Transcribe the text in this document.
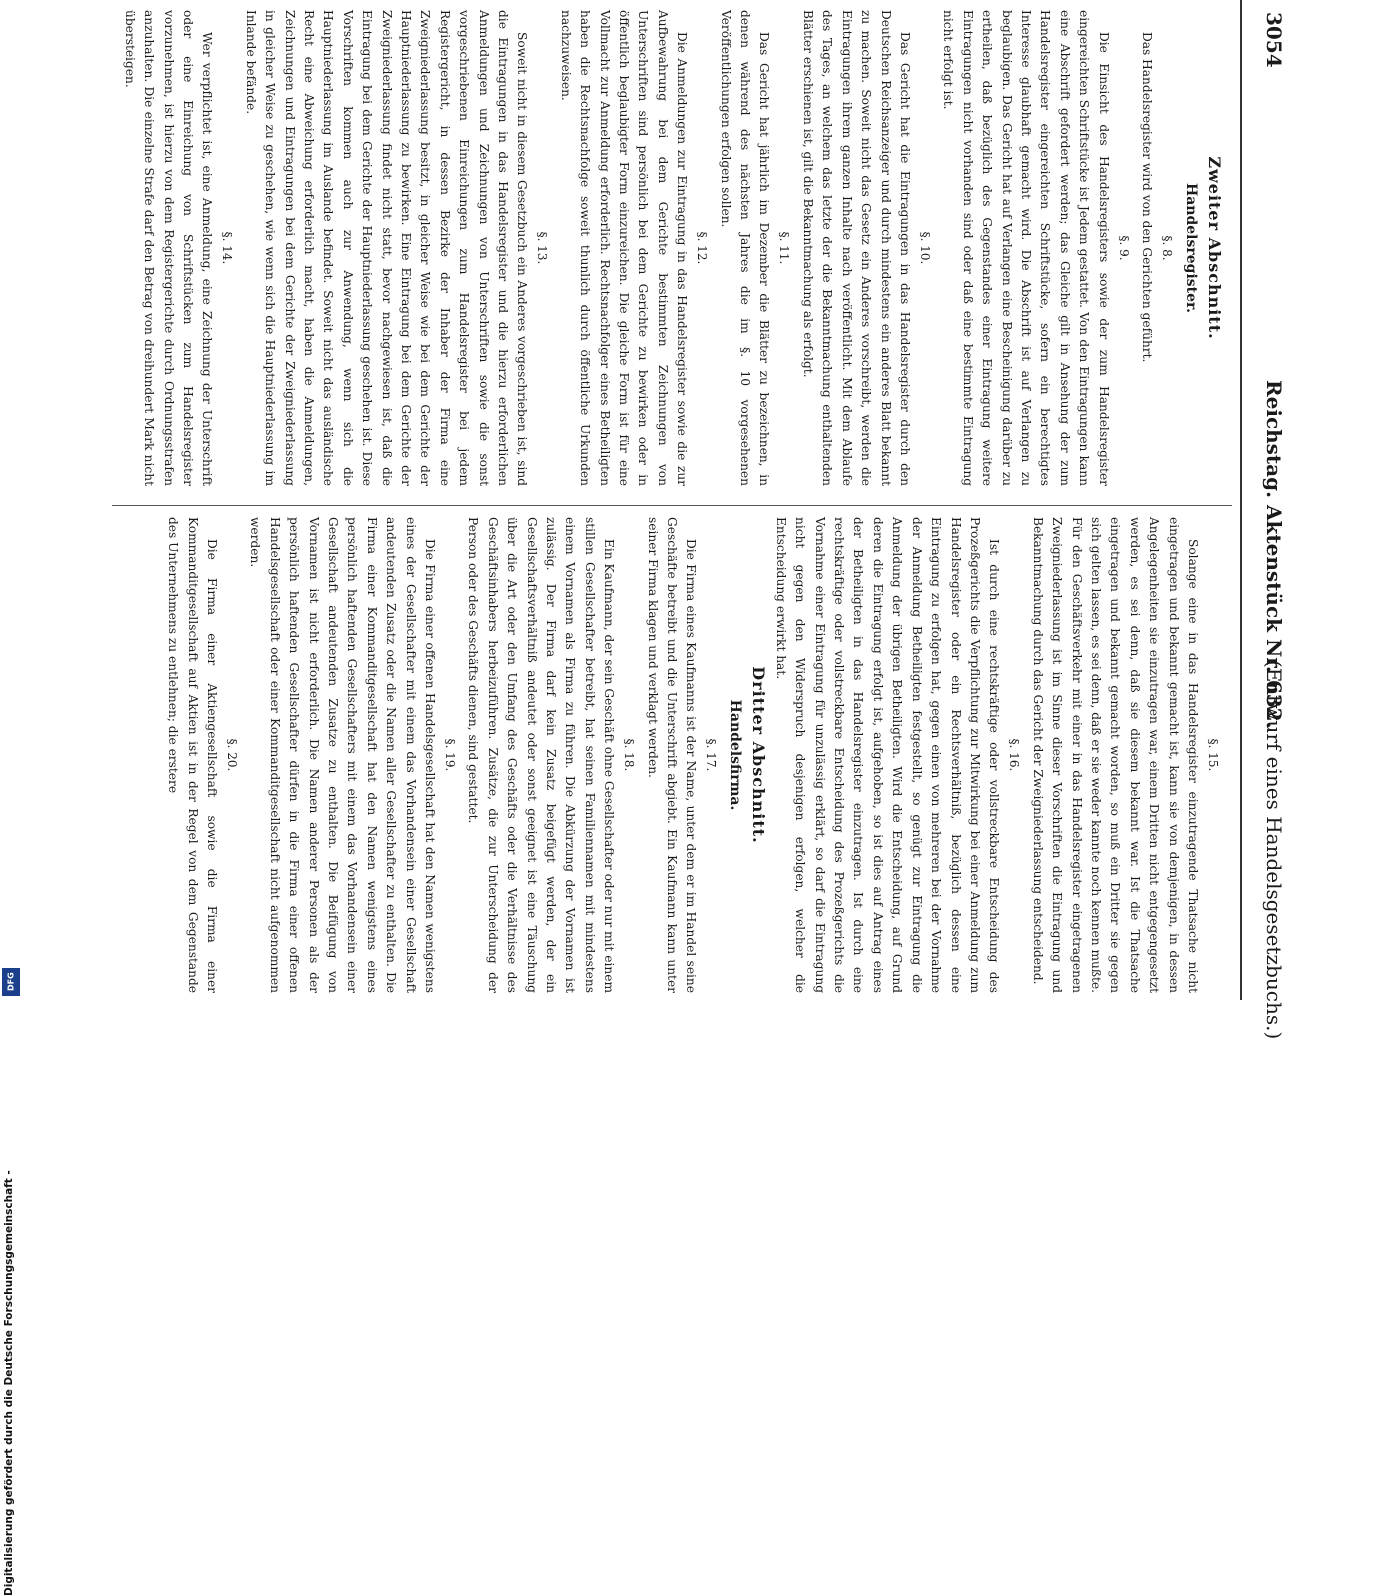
3054
Reichstag. Aktenstück Nr. 632.
(Entwurf eines Handelsgesetzbuchs.)
Zweiter Abschnitt.
Handelsregister.
§. 8.
Das Handelsregister wird von den Gerichten geführt.
§. 9.
Die Einsicht des Handelsregisters sowie der zum Handelsregister eingereichten Schriftstücke ist Jedem gestattet. Von den Eintragungen kann eine Abschrift gefordert werden; das Gleiche gilt in Ansehung der zum Handelsregister eingereichten Schriftstücke, sofern ein berechtigtes Interesse glaubhaft gemacht wird. Die Abschrift ist auf Verlangen zu beglaubigen. Das Gericht hat auf Verlangen eine Bescheinigung darüber zu ertheilen, daß bezüglich des Gegenstandes einer Eintragung weitere Eintragungen nicht vorhanden sind oder daß eine bestimmte Eintragung nicht erfolgt ist.
§. 10.
Das Gericht hat die Eintragungen in das Handelsregister durch den Deutschen Reichsanzeiger und durch mindestens ein anderes Blatt bekannt zu machen. Soweit nicht das Gesetz ein Anderes vorschreibt, werden die Eintragungen ihrem ganzen Inhalte nach veröffentlicht. Mit dem Ablaufe des Tages, an welchem das letzte der die Bekanntmachung enthaltenden Blätter erschienen ist, gilt die Bekanntmachung als erfolgt.
§. 11.
Das Gericht hat jährlich im Dezember die Blätter zu bezeichnen, in denen während des nächsten Jahres die im §. 10 vorgesehenen Veröffentlichungen erfolgen sollen.
§. 12.
Die Anmeldungen zur Eintragung in das Handelsregister sowie die zur Aufbewahrung bei dem Gerichte bestimmten Zeichnungen von Unterschriften sind persönlich bei dem Gerichte zu bewirken oder in öffentlich beglaubigter Form einzureichen. Die gleiche Form ist für eine Vollmacht zur Anmeldung erforderlich. Rechtsnachfolger eines Betheiligten haben die Rechtsnachfolge soweit thunlich durch öffentliche Urkunden nachzuweisen.
§. 13.
Soweit nicht in diesem Gesetzbuch ein Anderes vorgeschrieben ist, sind die Eintragungen in das Handelsregister und die hierzu erforderlichen Anmeldungen und Zeichnungen von Unterschriften sowie die sonst vorgeschriebenen Einreichungen zum Handelsregister bei jedem Registergericht, in dessen Bezirke der Inhaber der Firma eine Zweigniederlassung besitzt, in gleicher Weise wie bei dem Gerichte der Hauptniederlassung zu bewirken. Eine Eintragung bei dem Gerichte der Zweigniederlassung findet nicht statt, bevor nachgewiesen ist, daß die Eintragung bei dem Gerichte der Hauptniederlassung geschehen ist. Diese Vorschriften kommen auch zur Anwendung, wenn sich die Hauptniederlassung im Auslande befindet. Soweit nicht das ausländische Recht eine Abweichung erforderlich macht, haben die Anmeldungen, Zeichnungen und Eintragungen bei dem Gerichte der Zweigniederlassung in gleicher Weise zu geschehen, wie wenn sich die Hauptniederlassung im Inlande befände.
§. 14.
Wer verpflichtet ist, eine Anmeldung, eine Zeichnung der Unterschrift oder eine Einreichung von Schriftstücken zum Handelsregister vorzunehmen, ist hierzu von dem Registergerichte durch Ordnungsstrafen anzuhalten. Die einzelne Strafe darf den Betrag von dreihundert Mark nicht übersteigen.
§. 15.
Solange eine in das Handelsregister einzutragende Thatsache nicht eingetragen und bekannt gemacht ist, kann sie von demjenigen, in dessen Angelegenheiten sie einzutragen war, einem Dritten nicht entgegengesetzt werden, es sei denn, daß sie diesem bekannt war. Ist die Thatsache eingetragen und bekannt gemacht worden, so muß ein Dritter sie gegen sich gelten lassen, es sei denn, daß er sie weder kannte noch kennen mußte. Für den Geschäftsverkehr mit einer in das Handelsregister eingetragenen Zweigniederlassung ist im Sinne dieser Vorschriften die Eintragung und Bekanntmachung durch das Gericht der Zweigniederlassung entscheidend.
§. 16.
Ist durch eine rechtskräftige oder vollstreckbare Entscheidung des Prozeßgerichts die Verpflichtung zur Mitwirkung bei einer Anmeldung zum Handelsregister oder ein Rechtsverhältniß, bezüglich dessen eine Eintragung zu erfolgen hat, gegen einen von mehreren bei der Vornahme der Anmeldung Betheiligten festgestellt, so genügt zur Eintragung die Anmeldung der übrigen Betheiligten. Wird die Entscheidung, auf Grund deren die Eintragung erfolgt ist, aufgehoben, so ist dies auf Antrag eines der Betheiligten in das Handelsregister einzutragen. Ist durch eine rechtskräftige oder vollstreckbare Entscheidung des Prozeßgerichts die Vornahme einer Eintragung für unzulässig erklärt, so darf die Eintragung nicht gegen den Widerspruch desjenigen erfolgen, welcher die Entscheidung erwirkt hat.
Dritter Abschnitt.
Handelsfirma.
§. 17.
Die Firma eines Kaufmanns ist der Name, unter dem er im Handel seine Geschäfte betreibt und die Unterschrift abgiebt. Ein Kaufmann kann unter seiner Firma klagen und verklagt werden.
§. 18.
Ein Kaufmann, der sein Geschäft ohne Gesellschafter oder nur mit einem stillen Gesellschafter betreibt, hat seinen Familiennamen mit mindestens einem Vornamen als Firma zu führen. Die Abkürzung der Vornamen ist zulässig. Der Firma darf kein Zusatz beigefügt werden, der ein Gesellschaftsverhältniß andeutet oder sonst geeignet ist eine Täuschung über die Art oder den Umfang des Geschäfts oder die Verhältnisse des Geschäftsinhabers herbeizuführen. Zusätze, die zur Unterscheidung der Person oder des Geschäfts dienen, sind gestattet.
§. 19.
Die Firma einer offenen Handelsgesellschaft hat den Namen wenigstens eines der Gesellschafter mit einem das Vorhandensein einer Gesellschaft andeutenden Zusatz oder die Namen aller Gesellschafter zu enthalten. Die Firma einer Kommanditgesellschaft hat den Namen wenigstens eines persönlich haftenden Gesellschafters mit einem das Vorhandensein einer Gesellschaft andeutenden Zusatze zu enthalten. Die Beifügung von Vornamen ist nicht erforderlich. Die Namen anderer Personen als der persönlich haftenden Gesellschafter dürfen in die Firma einer offenen Handelsgesellschaft oder einer Kommanditgesellschaft nicht aufgenommen werden.
§. 20.
Die Firma einer Aktiengesellschaft sowie die Firma einer Kommanditgesellschaft auf Aktien ist in der Regel von dem Gegenstande des Unternehmens zu entlehnen; die erstere
Digitalisierung gefördert durch die Deutsche Forschungsgemeinschaft -
DFG
